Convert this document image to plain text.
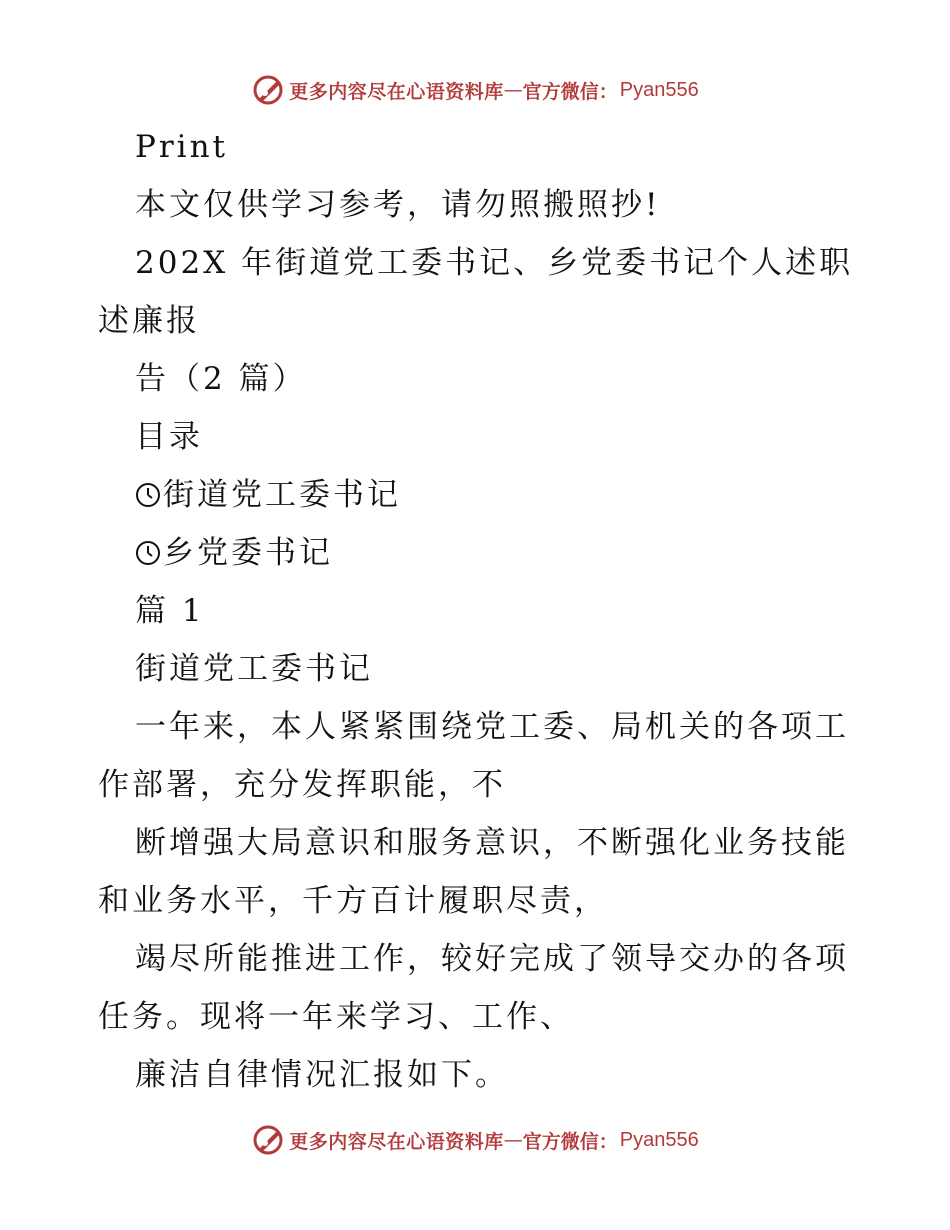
更多内容尽在心语资料库 — 官方微信： Pyan556
Print
本文仅供学习参考，请勿照搬照抄!
202X 年街道党工委书记、乡党委书记个人述职
述廉报
告（2 篇）
目录
街道党工委书记
乡党委书记
篇 1
街道党工委书记
一年来，本人紧紧围绕党工委、局机关的各项工
作部署，充分发挥职能，不
断增强大局意识和服务意识，不断强化业务技能
和业务水平，千方百计履职尽责，
竭尽所能推进工作，较好完成了领导交办的各项
任务。现将一年来学习、工作、
廉洁自律情况汇报如下。
更多内容尽在心语资料库 — 官方微信： Pyan556
